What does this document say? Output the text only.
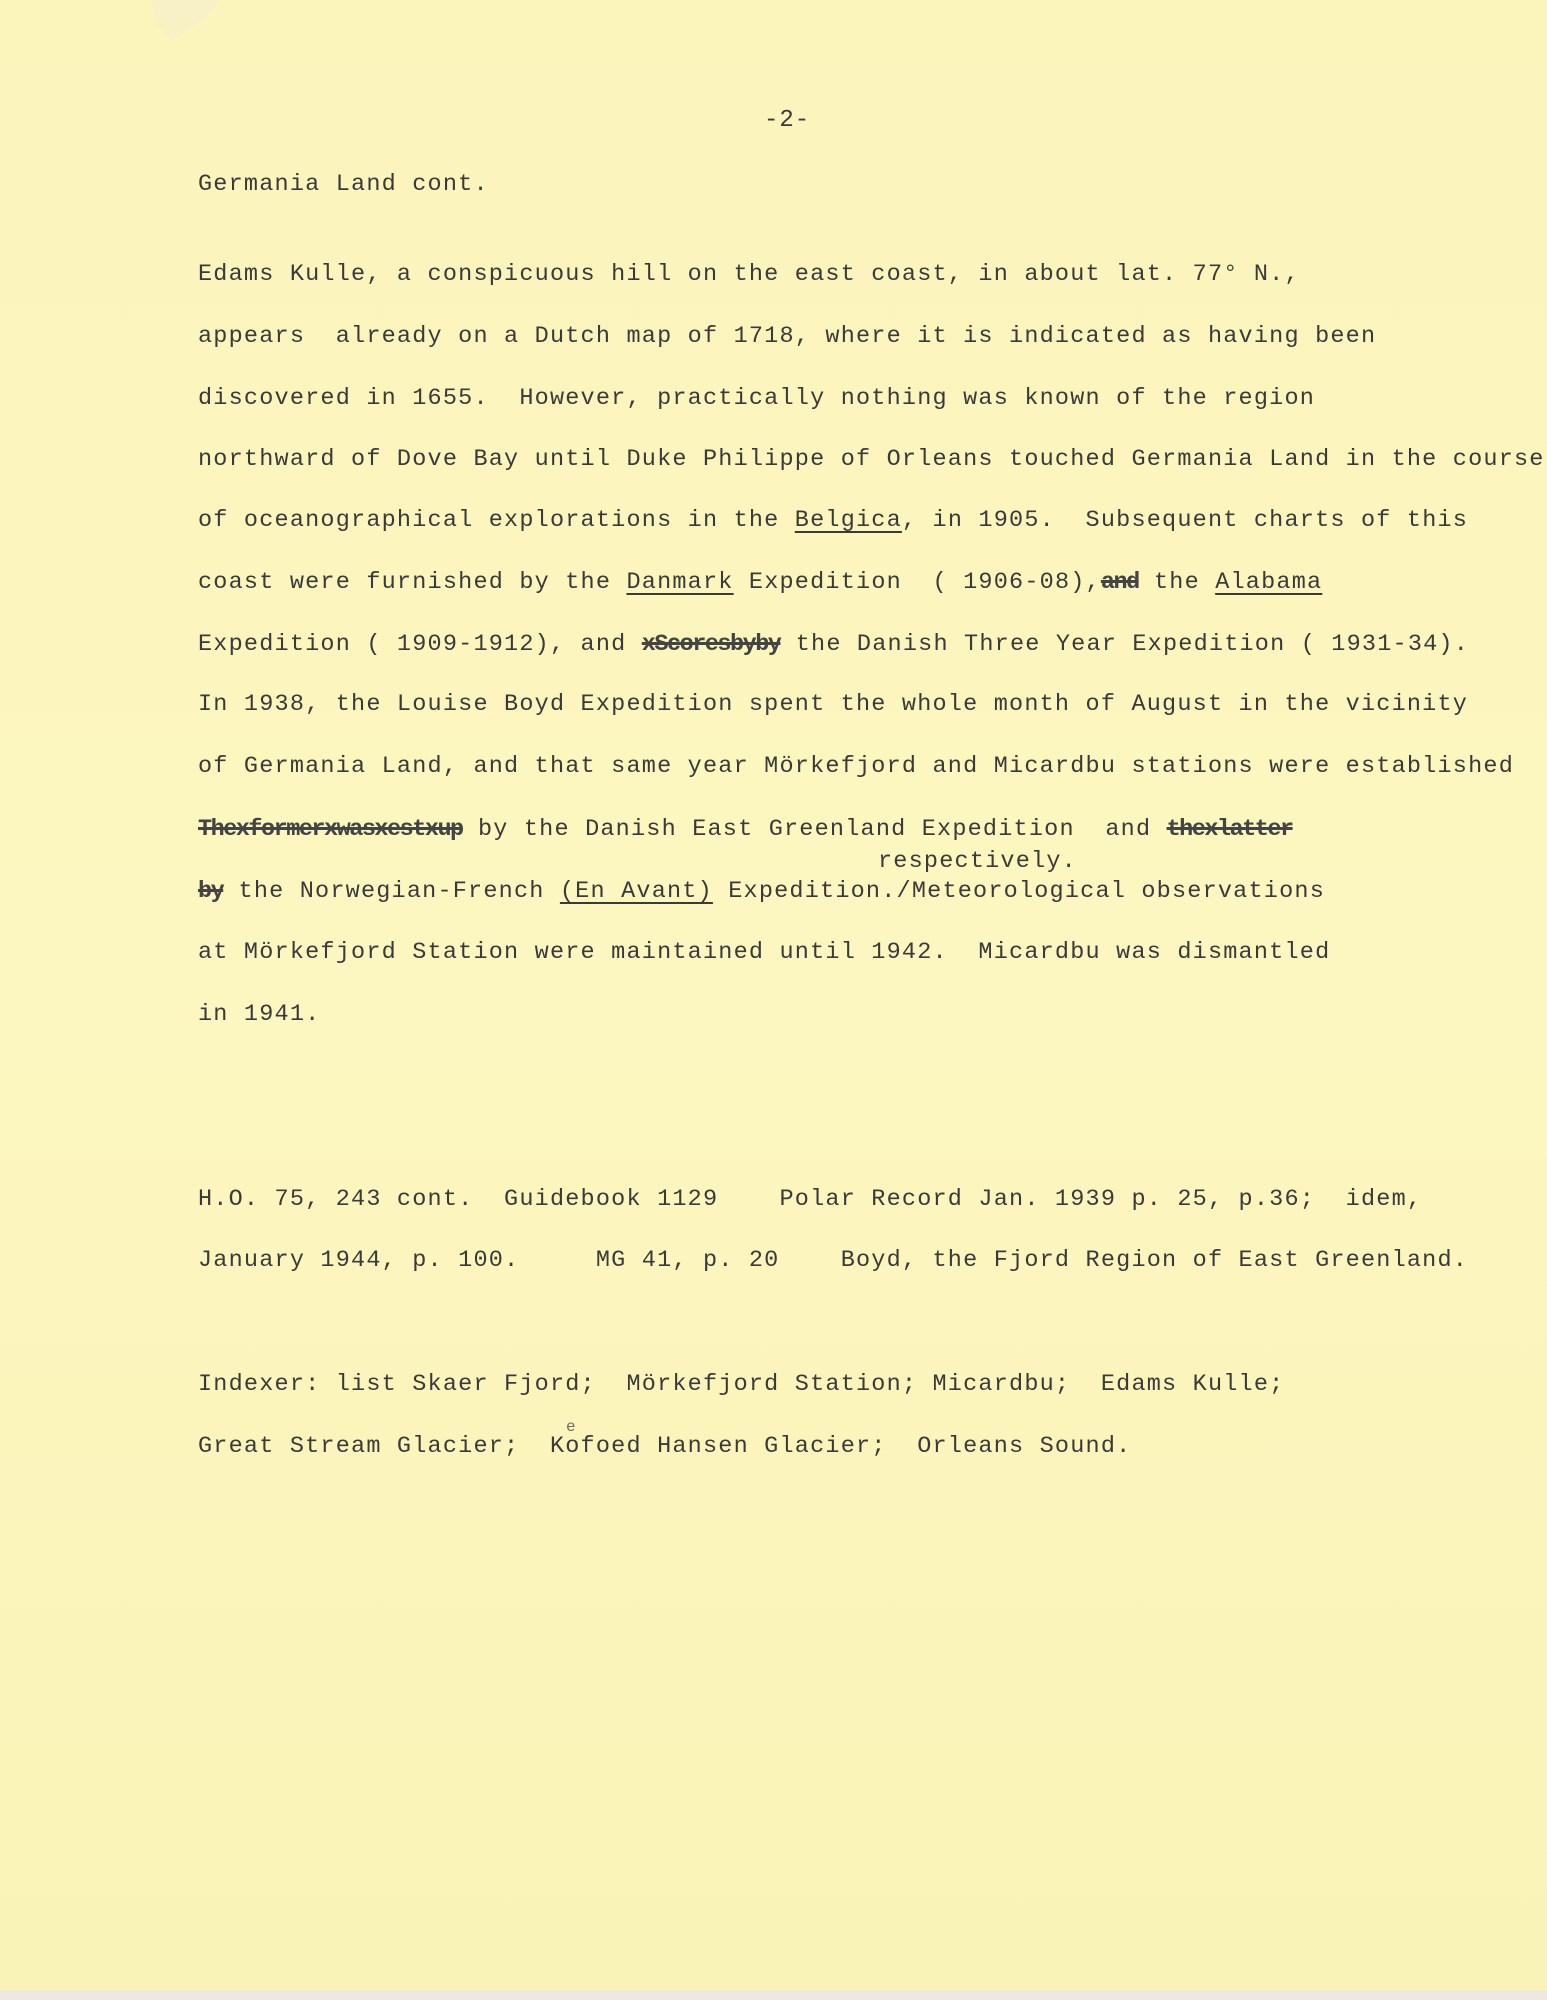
-2-
Germania Land cont.
Edams Kulle, a conspicuous hill on the east coast, in about lat. 77° N.,
appears  already on a Dutch map of 1718, where it is indicated as having been
discovered in 1655.  However, practically nothing was known of the region
northward of Dove Bay until Duke Philippe of Orleans touched Germania Land in the course
of oceanographical explorations in the Belgica, in 1905.  Subsequent charts of this
coast were furnished by the Danmark Expedition  ( 1906-08),and the Alabama
Expedition ( 1909-1912), and xScoresbyby the Danish Three Year Expedition ( 1931-34).
In 1938, the Louise Boyd Expedition spent the whole month of August in the vicinity
of Germania Land, and that same year Mörkefjord and Micardbu stations were established
Thexformerxwasxestxup by the Danish East Greenland Expedition  and thexlatter
respectively.
by the Norwegian-French (En Avant) Expedition./Meteorological observations
at Mörkefjord Station were maintained until 1942.  Micardbu was dismantled
in 1941.
H.O. 75, 243 cont.  Guidebook 1129    Polar Record Jan. 1939 p. 25, p.36;  idem,
January 1944, p. 100.     MG 41, p. 20    Boyd, the Fjord Region of East Greenland.
Indexer: list Skaer Fjord;  Mörkefjord Station; Micardbu;  Edams Kulle;
Great Stream Glacier;  Kofoed Hansen Glacier;  Orleans Sound.
e
